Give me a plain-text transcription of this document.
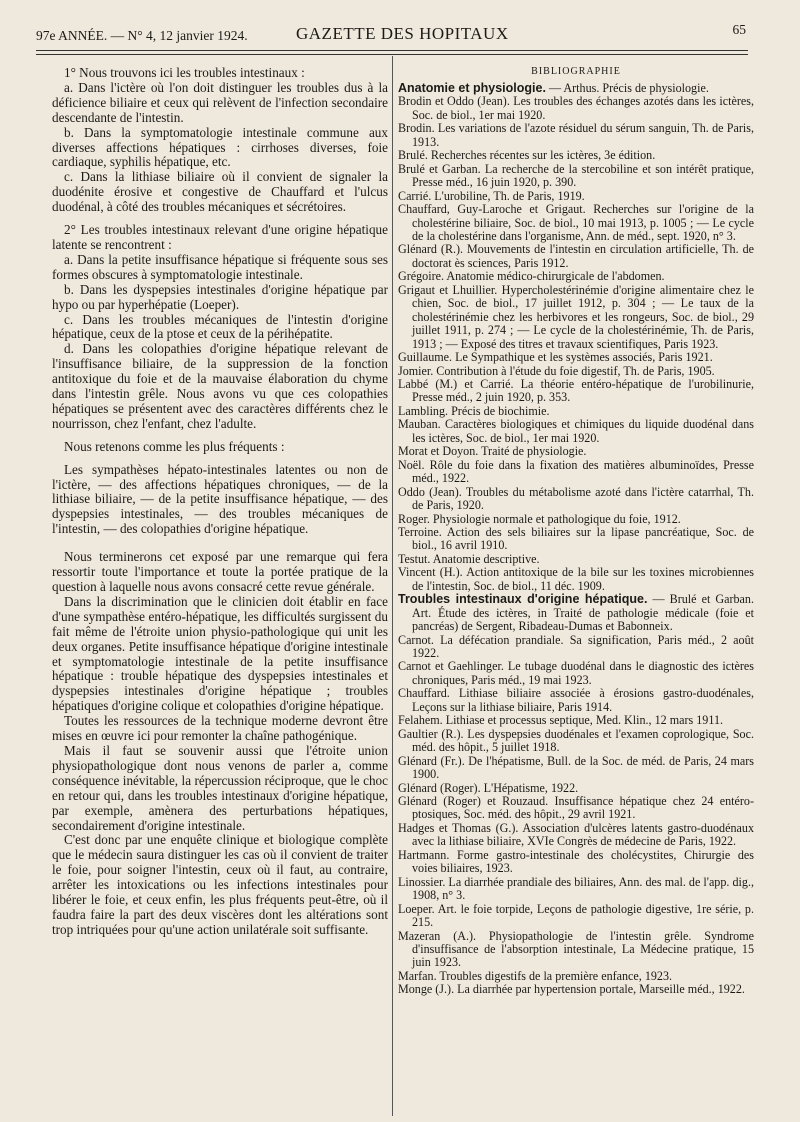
97e ANNÉE. — N° 4, 12 janvier 1924.	GAZETTE DES HOPITAUX	65

1° Nous trouvons ici les troubles intestinaux :

a. Dans l'ictère où l'on doit distinguer les troubles dus à la déficience biliaire et ceux qui relèvent de l'infection secondaire descendante de l'intestin.

b. Dans la symptomatologie intestinale commune aux diverses affections hépatiques : cirrhoses diverses, foie cardiaque, syphilis hépatique, etc.

c. Dans la lithiase biliaire où il convient de signaler la duodénite érosive et congestive de Chauffard et l'ulcus duodénal, à côté des troubles mécaniques et sécrétoires.

2° Les troubles intestinaux relevant d'une origine hépatique latente se rencontrent :

a. Dans la petite insuffisance hépatique si fréquente sous ses formes obscures à symptomatologie intestinale.

b. Dans les dyspepsies intestinales d'origine hépatique par hypo ou par hyperhépatie (Loeper).

c. Dans les troubles mécaniques de l'intestin d'origine hépatique, ceux de la ptose et ceux de la périhépatite.

d. Dans les colopathies d'origine hépatique relevant de l'insuffisance biliaire, de la suppression de la fonction antitoxique du foie et de la mauvaise élaboration du chyme dans l'intestin grêle. Nous avons vu que ces colopathies hépatiques se présentent avec des caractères différents chez le nourrisson, chez l'enfant, chez l'adulte.

Nous retenons comme les plus fréquents :

Les sympathèses hépato-intestinales latentes ou non de l'ictère, — des affections hépatiques chroniques, — de la lithiase biliaire, — de la petite insuffisance hépatique, — des dyspepsies intestinales, — des troubles mécaniques de l'intestin, — des colopathies d'origine hépatique.

Nous terminerons cet exposé par une remarque qui fera ressortir toute l'importance et toute la portée pratique de la question à laquelle nous avons consacré cette revue générale.

Dans la discrimination que le clinicien doit établir en face d'une sympathèse entéro-hépatique, les difficultés surgissent du fait même de l'étroite union physio-pathologique qui unit les deux organes. Petite insuffisance hépatique d'origine intestinale et symptomatologie intestinale de la petite insuffisance hépatique : trouble hépatique des dyspepsies intestinales et dyspepsies intestinales d'origine hépatique ; troubles hépatiques d'origine colique et colopathies d'origine hépatique.

Toutes les ressources de la technique moderne devront être mises en œuvre ici pour remonter la chaîne pathogénique.

Mais il faut se souvenir aussi que l'étroite union physiopathologique dont nous venons de parler a, comme conséquence inévitable, la répercussion réciproque, que le choc en retour qui, dans les troubles intestinaux d'origine hépatique, par exemple, amènera des perturbations hépatiques, secondairement d'origine intestinale.

C'est donc par une enquête clinique et biologique complète que le médecin saura distinguer les cas où il convient de traiter le foie, pour soigner l'intestin, ceux où il faut, au contraire, arrêter les intoxications ou les infections intestinales pour libérer le foie, et ceux enfin, les plus fréquents peut-être, où il faudra faire la part des deux viscères dont les altérations sont trop intriquées pour qu'une action unilatérale soit suffisante.

BIBLIOGRAPHIE

Anatomie et physiologie. — Arthus. Précis de physiologie.

Brodin et Oddo (Jean). Les troubles des échanges azotés dans les ictères, Soc. de biol., 1er mai 1920.

Brodin. Les variations de l'azote résiduel du sérum sanguin, Th. de Paris, 1913.

Brulé. Recherches récentes sur les ictères, 3e édition.

Brulé et Garban. La recherche de la stercobiline et son intérêt pratique, Presse méd., 16 juin 1920, p. 390.

Carrié. L'urobiline, Th. de Paris, 1919.

Chauffard, Guy-Laroche et Grigaut. Recherches sur l'origine de la cholestérine biliaire, Soc. de biol., 10 mai 1913, p. 1005 ; — Le cycle de la cholestérine dans l'organisme, Ann. de méd., sept. 1920, n° 3.

Glénard (R.). Mouvements de l'intestin en circulation artificielle, Th. de doctorat ès sciences, Paris 1912.

Grégoire. Anatomie médico-chirurgicale de l'abdomen.

Grigaut et Lhuillier. Hypercholestérinémie d'origine alimentaire chez le chien, Soc. de biol., 17 juillet 1912, p. 304 ; — Le taux de la cholestérinémie chez les herbivores et les rongeurs, Soc. de biol., 29 juillet 1911, p. 274 ; — Le cycle de la cholestérinémie, Th. de Paris, 1913 ; — Exposé des titres et travaux scientifiques, Paris 1923.

Guillaume. Le Sympathique et les systèmes associés, Paris 1921.

Jomier. Contribution à l'étude du foie digestif, Th. de Paris, 1905.

Labbé (M.) et Carrié. La théorie entéro-hépatique de l'urobilinurie, Presse méd., 2 juin 1920, p. 353.

Lambling. Précis de biochimie.

Mauban. Caractères biologiques et chimiques du liquide duodénal dans les ictères, Soc. de biol., 1er mai 1920.

Morat et Doyon. Traité de physiologie.

Noël. Rôle du foie dans la fixation des matières albuminoïdes, Presse méd., 1922.

Oddo (Jean). Troubles du métabolisme azoté dans l'ictère catarrhal, Th. de Paris, 1920.

Roger. Physiologie normale et pathologique du foie, 1912.

Terroine. Action des sels biliaires sur la lipase pancréatique, Soc. de biol., 16 avril 1910.

Testut. Anatomie descriptive.

Vincent (H.). Action antitoxique de la bile sur les toxines microbiennes de l'intestin, Soc. de biol., 11 déc. 1909.

Troubles intestinaux d'origine hépatique. — Brulé et Garban. Art. Étude des ictères, in Traité de pathologie médicale (foie et pancréas) de Sergent, Ribadeau-Dumas et Babonneix.

Carnot. La défécation prandiale. Sa signification, Paris méd., 2 août 1922.

Carnot et Gaehlinger. Le tubage duodénal dans le diagnostic des ictères chroniques, Paris méd., 19 mai 1923.

Chauffard. Lithiase biliaire associée à érosions gastro-duodénales, Leçons sur la lithiase biliaire, Paris 1914.

Felahem. Lithiase et processus septique, Med. Klin., 12 mars 1911.

Gaultier (R.). Les dyspepsies duodénales et l'examen coprologique, Soc. méd. des hôpit., 5 juillet 1918.

Glénard (Fr.). De l'hépatisme, Bull. de la Soc. de méd. de Paris, 24 mars 1900.

Glénard (Roger). L'Hépatisme, 1922.

Glénard (Roger) et Rouzaud. Insuffisance hépatique chez 24 entéro-ptosiques, Soc. méd. des hôpit., 29 avril 1921.

Hadges et Thomas (G.). Association d'ulcères latents gastro-duodénaux avec la lithiase biliaire, XVIe Congrès de médecine de Paris, 1922.

Hartmann. Forme gastro-intestinale des cholécystites, Chirurgie des voies biliaires, 1923.

Linossier. La diarrhée prandiale des biliaires, Ann. des mal. de l'app. dig., 1908, n° 3.

Loeper. Art. le foie torpide, Leçons de pathologie digestive, 1re série, p. 215.

Mazeran (A.). Physiopathologie de l'intestin grêle. Syndrome d'insuffisance de l'absorption intestinale, La Médecine pratique, 15 juin 1923.

Marfan. Troubles digestifs de la première enfance, 1923.

Monge (J.). La diarrhée par hypertension portale, Marseille méd., 1922.
